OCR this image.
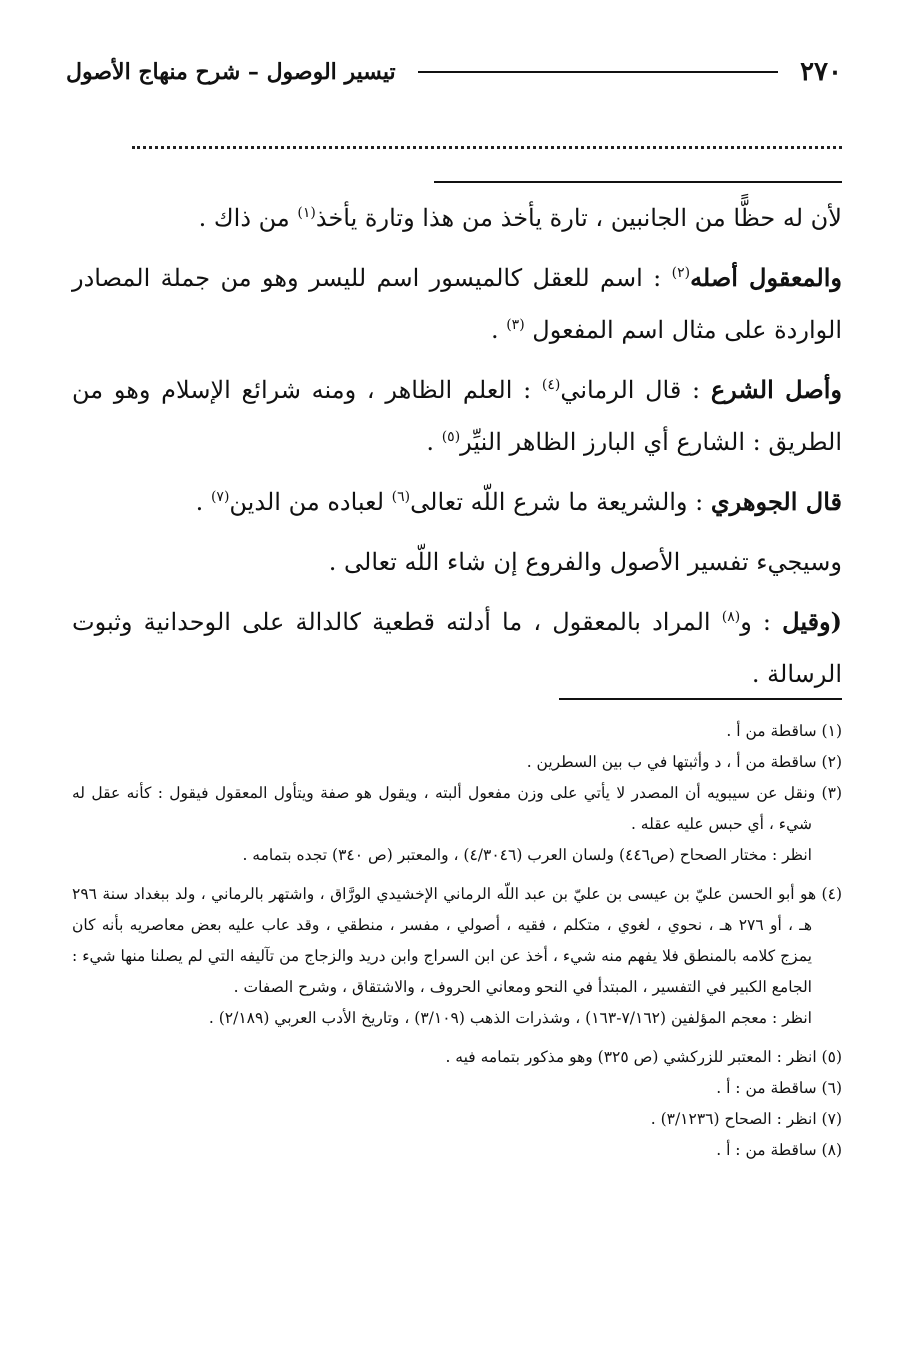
٢٧٠
تيسير الوصول – شرح منهاج الأصول

لأن له حظًّا من الجانبين ، تارة يأخذ من هذا وتارة يأخذ$^{(١)}$ من ذاك .

والمعقول أصله$^{(٢)}$ : اسم للعقل كالميسور اسم لليسر وهو من جملة المصادر الواردة على مثال اسم المفعول $^{(٣)}$ .

وأصل الشرع : قال الرماني$^{(٤)}$ : العلم الظاهر ، ومنه شرائع الإسلام وهو من الطريق : الشارع أي البارز الظاهر النيِّر$^{(٥)}$ .

قال الجوهري : والشريعة ما شرع اللّه تعالى$^{(٦)}$ لعباده من الدين$^{(٧)}$ .

وسيجيء تفسير الأصول والفروع إن شاء اللّه تعالى .

(وقيل : و$^{(٨)}$ المراد بالمعقول ، ما أدلته قطعية كالدالة على الوحدانية وثبوت الرسالة .

(١) ساقطة من أ .

(٢) ساقطة من أ ، د وأثبتها في ب بين السطرين .

(٣) ونقل عن سيبويه أن المصدر لا يأتي على وزن مفعول ألبته ، ويقول هو صفة ويتأول المعقول فيقول : كأنه عقل له شيء ، أي حبس عليه عقله .

انظر : مختار الصحاح (ص٤٤٦) ولسان العرب (٤/٣٠٤٦) ، والمعتبر (ص ٣٤٠) تجده بتمامه .

(٤) هو أبو الحسن عليّ بن عيسى بن عليّ بن عبد اللّه الرماني الإخشيدي الورَّاق ، واشتهر بالرماني ، ولد ببغداد سنة ٢٩٦ هـ ، أو ٢٧٦ هـ ، نحوي ، لغوي ، متكلم ، فقيه ، أصولي ، مفسر ، منطقي ، وقد عاب عليه بعض معاصريه بأنه كان يمزج كلامه بالمنطق فلا يفهم منه شيء ، أخذ عن ابن السراج وابن دريد والزجاج من تآليفه التي لم يصلنا منها شيء : الجامع الكبير في التفسير ، المبتدأ في النحو ومعاني الحروف ، والاشتقاق ، وشرح الصفات .

انظر : معجم المؤلفين (٧/١٦٢-١٦٣) ، وشذرات الذهب (٣/١٠٩) ، وتاريخ الأدب العربي (٢/١٨٩) .

(٥) انظر : المعتبر للزركشي (ص ٣٢٥) وهو مذكور بتمامه فيه .

(٦) ساقطة من : أ .

(٧) انظر : الصحاح (٣/١٢٣٦) .

(٨) ساقطة من : أ .
